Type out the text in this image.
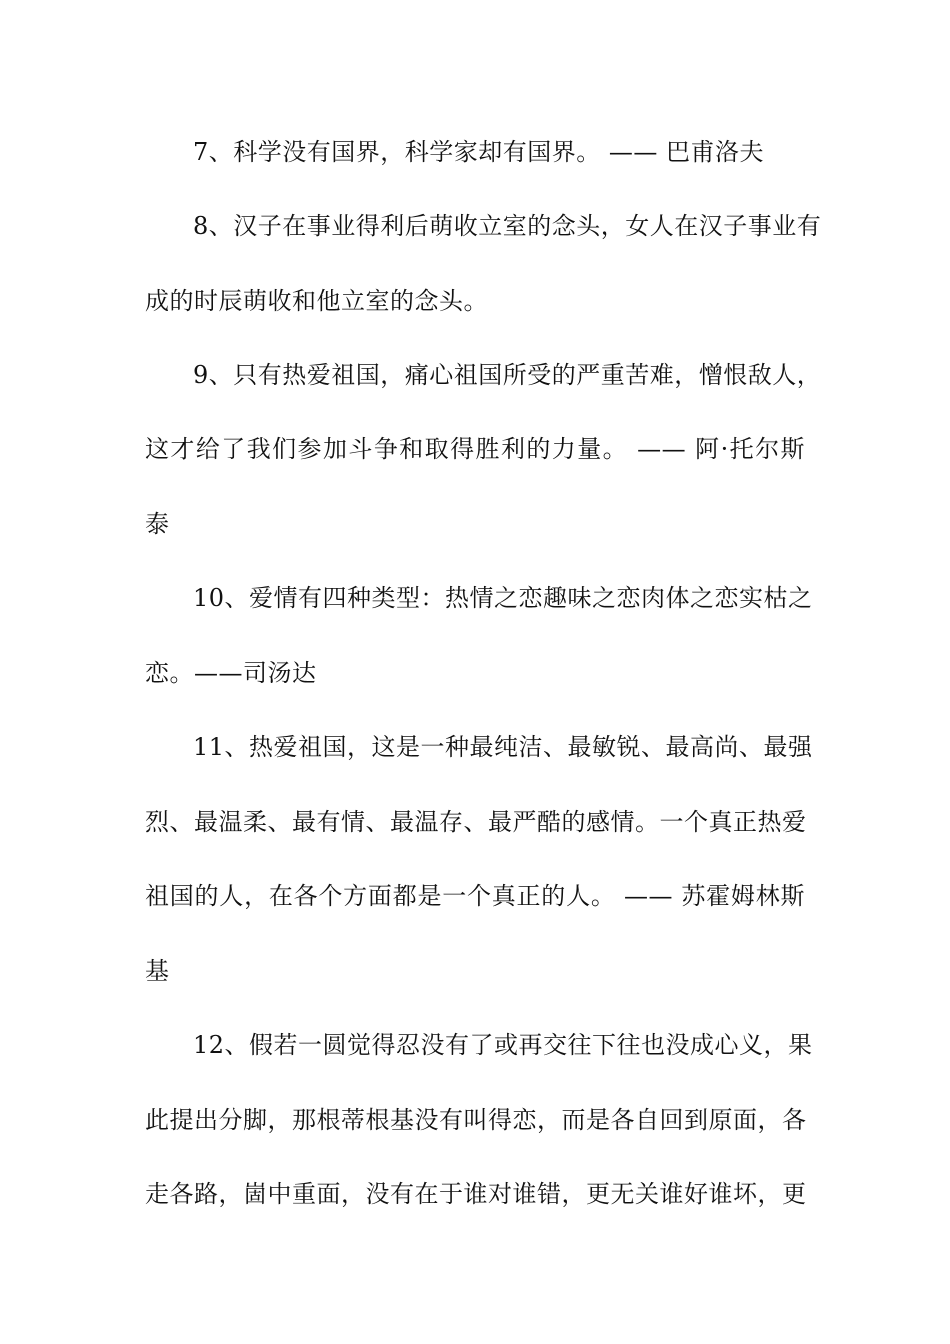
7、科学没有国界，科学家却有国界。 —— 巴甫洛夫
8、汉子在事业得利后萌收立室的念头，女人在汉子事业有
成的时辰萌收和他立室的念头。
9、只有热爱祖国，痛心祖国所受的严重苦难，憎恨敌人，
这才给了我们参加斗争和取得胜利的力量。 —— 阿·托尔斯
泰
10、爱情有四种类型：热情之恋趣味之恋肉体之恋实枯之
恋。——司汤达
11、热爱祖国，这是一种最纯洁、最敏锐、最高尚、最强
烈、最温柔、最有情、最温存、最严酷的感情。一个真正热爱
祖国的人，在各个方面都是一个真正的人。 —— 苏霍姆林斯
基
12、假若一圆觉得忍没有了或再交往下往也没成心义，果
此提出分脚，那根蒂根基没有叫得恋，而是各自回到原面，各
走各路，崮中重面，没有在于谁对谁错，更无关谁好谁坏，更
